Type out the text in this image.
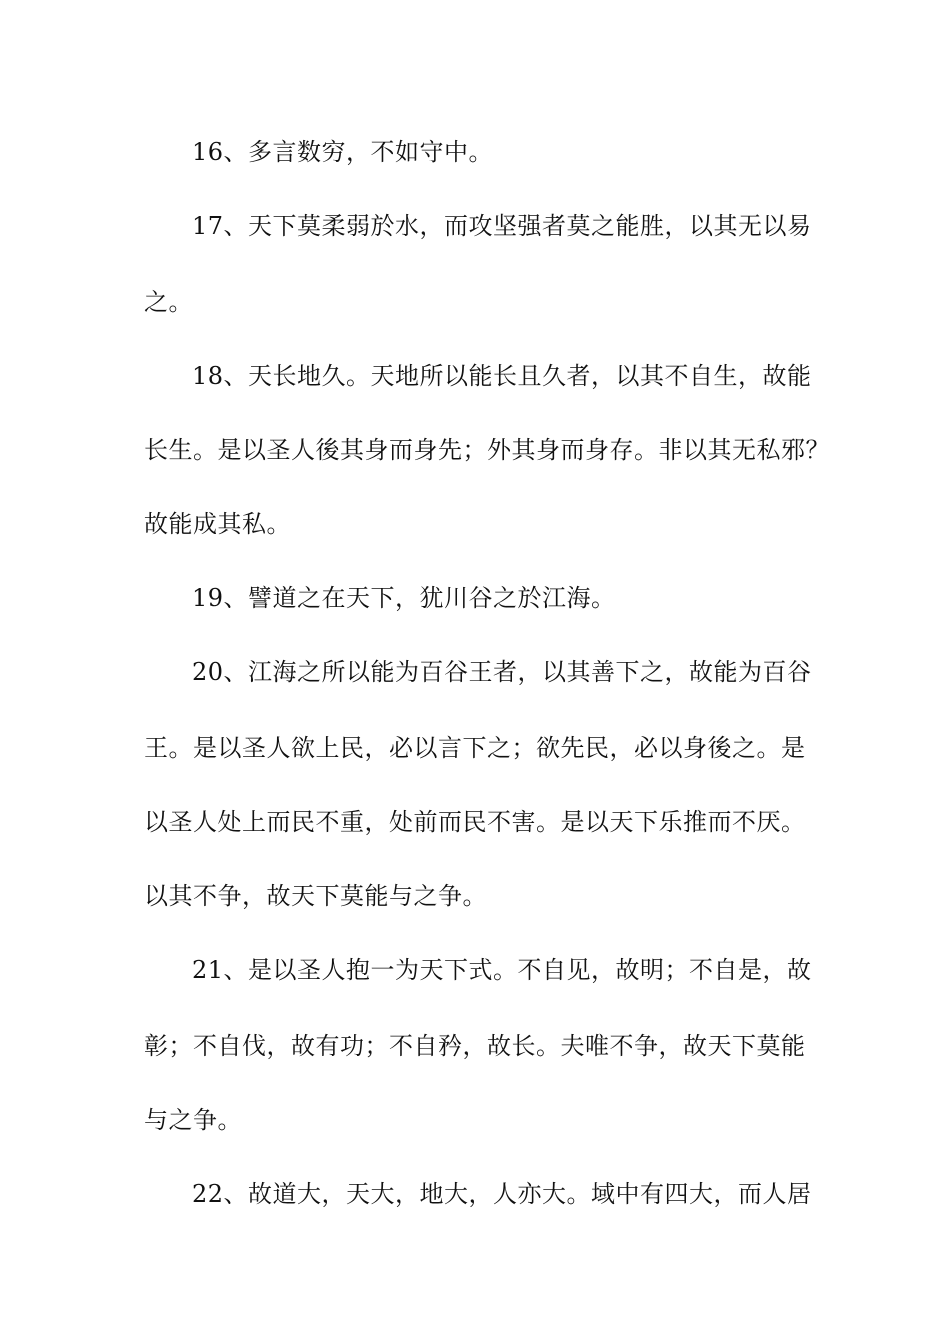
16、多言数穷，不如守中。
17、天下莫柔弱於水，而攻坚强者莫之能胜，以其无以易
之。
18、天长地久。天地所以能长且久者，以其不自生，故能
长生。是以圣人後其身而身先；外其身而身存。非以其无私邪？
故能成其私。
19、譬道之在天下，犹川谷之於江海。
20、江海之所以能为百谷王者，以其善下之，故能为百谷
王。是以圣人欲上民，必以言下之；欲先民，必以身後之。是
以圣人处上而民不重，处前而民不害。是以天下乐推而不厌。
以其不争，故天下莫能与之争。
21、是以圣人抱一为天下式。不自见，故明；不自是，故
彰；不自伐，故有功；不自矜，故长。夫唯不争，故天下莫能
与之争。
22、故道大，天大，地大，人亦大。域中有四大，而人居
